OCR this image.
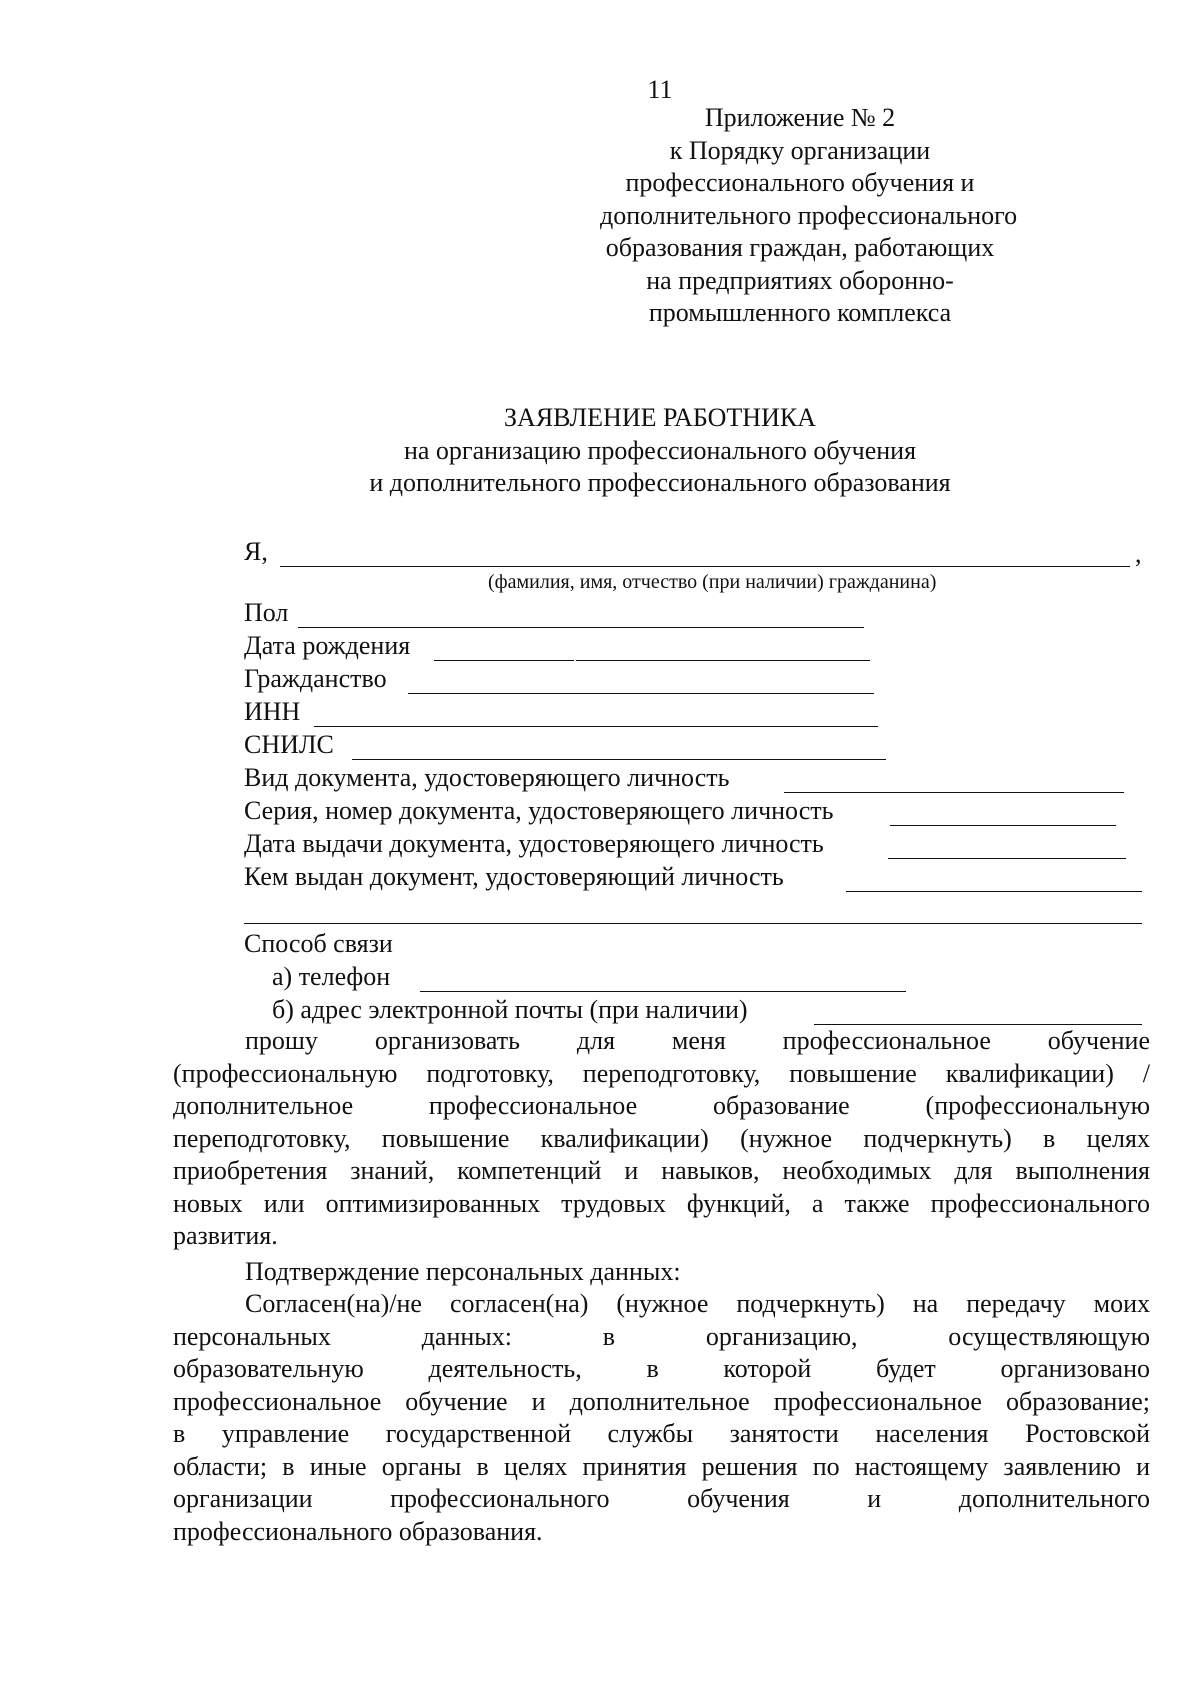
11
Приложение № 2
к Порядку организации
профессионального обучения и
дополнительного профессионального
образования граждан, работающих
на предприятиях оборонно-
промышленного комплекса
ЗАЯВЛЕНИЕ РАБОТНИКА
на организацию профессионального обучения
и дополнительного профессионального образования
Я,	,
(фамилия, имя, отчество (при наличии) гражданина)
Пол
Дата рождения
Гражданство
ИНН
СНИЛС
Вид документа, удостоверяющего личность
Серия, номер документа, удостоверяющего личность
Дата выдачи документа, удостоверяющего личность
Кем выдан документ, удостоверяющий личность
Способ связи
а) телефон
б) адрес электронной почты (при наличии)
прошу организовать для меня профессиональное обучение
(профессиональную подготовку, переподготовку, повышение квалификации) /
дополнительное профессиональное образование (профессиональную
переподготовку, повышение квалификации) (нужное подчеркнуть) в целях
приобретения знаний, компетенций и навыков, необходимых для выполнения
новых или оптимизированных трудовых функций, а также профессионального
развития.
Подтверждение персональных данных:
Согласен(на)/не согласен(на) (нужное подчеркнуть) на передачу моих
персональных данных: в организацию, осуществляющую
образовательную деятельность, в которой будет организовано
профессиональное обучение и дополнительное профессиональное образование;
в управление государственной службы занятости населения Ростовской
области; в иные органы в целях принятия решения по настоящему заявлению и
организации профессионального обучения и дополнительного
профессионального образования.
